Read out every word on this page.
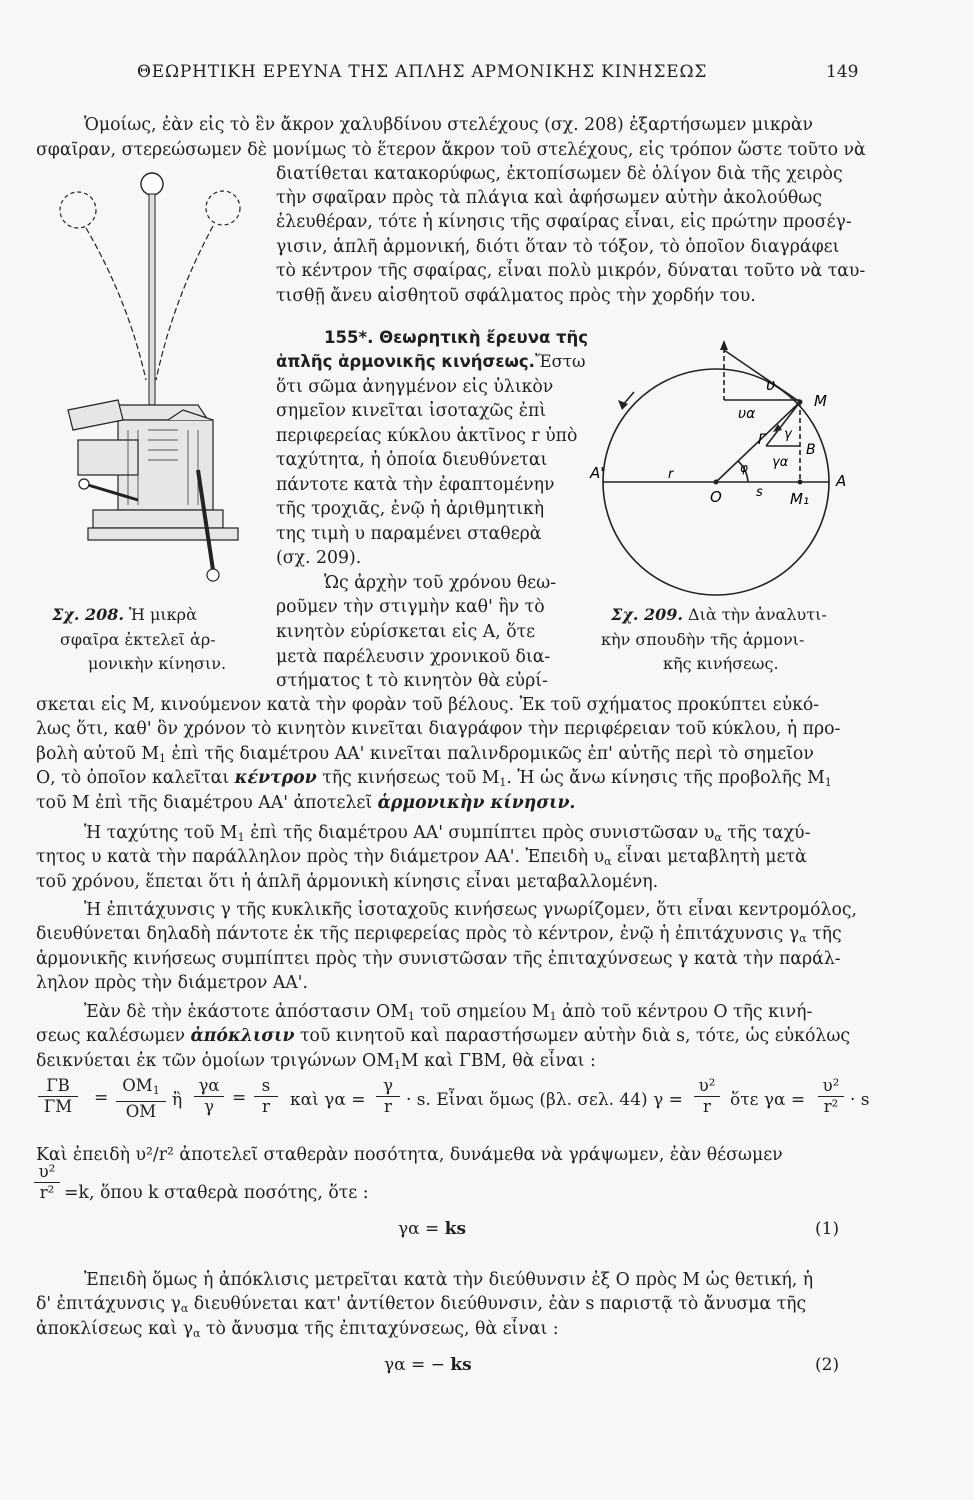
ΘΕΩΡΗΤΙΚΗ ΕΡΕΥΝΑ ΤΗΣ ΑΠΛΗΣ ΑΡΜΟΝΙΚΗΣ ΚΙΝΗΣΕΩΣ	149
Ὁμοίως, ἐὰν εἰς τὸ ἓν ἄκρον χαλυβδίνου στελέχους (σχ. 208) ἐξαρτήσωμεν μικρὰν
σφαῖραν, στερεώσωμεν δὲ μονίμως τὸ ἕτερον ἄκρον τοῦ στελέχους, εἰς τρόπον ὥστε τοῦτο νὰ
διατίθεται κατακορύφως, ἐκτοπίσωμεν δὲ ὀλίγον διὰ τῆς χειρὸς
τὴν σφαῖραν πρὸς τὰ πλάγια καὶ ἀφήσωμεν αὐτὴν ἀκολούθως
ἐλευθέραν, τότε ἡ κίνησις τῆς σφαίρας εἶναι, εἰς πρώτην προσέγ-
γισιν, ἁπλῆ ἁρμονική, διότι ὅταν τὸ τόξον, τὸ ὁποῖον διαγράφει
τὸ κέντρον τῆς σφαίρας, εἶναι πολὺ μικρόν, δύναται τοῦτο νὰ ταυ-
τισθῇ ἄνευ αἰσθητοῦ σφάλματος πρὸς τὴν χορδήν του.
Σχ. 208. Ἡ μικρὰ
σφαῖρα ἐκτελεῖ ἁρ-
μονικὴν κίνησιν.
155*. Θεωρητικὴ ἔρευνα τῆς
ἁπλῆς ἁρμονικῆς κινήσεως.Ἔστω
ὅτι σῶμα ἀνηγμένον εἰς ὑλικὸν
σημεῖον κινεῖται ἰσοταχῶς ἐπὶ
περιφερείας κύκλου ἀκτῖνος r ὑπὸ
ταχύτητα, ἡ ὁποία διευθύνεται
πάντοτε κατὰ τὴν ἐφαπτομένην
τῆς τροχιᾶς, ἐνῷ ἡ ἀριθμητικὴ
της τιμὴ υ παραμένει σταθερὰ
(σχ. 209).
Ὡς ἀρχὴν τοῦ χρόνου θεω-
ροῦμεν τὴν στιγμὴν καθ' ἣν τὸ
κινητὸν εὑρίσκεται εἰς Α, ὅτε
μετὰ παρέλευσιν χρονικοῦ δια-
στήματος t τὸ κινητὸν θὰ εὑρί-
υ
M
υα
B
Γ
γα
γ
φ
A'	r
O	s M₁
A
Σχ. 209. Διὰ τὴν ἀναλυτι-
κὴν σπουδὴν τῆς ἁρμονι-
κῆς κινήσεως.
σκεται εἰς Μ, κινούμενον κατὰ τὴν φορὰν τοῦ βέλους. Ἐκ τοῦ σχήματος προκύπτει εὐκό-
λως ὅτι, καθ' ὃν χρόνον τὸ κινητὸν κινεῖται διαγράφον τὴν περιφέρειαν τοῦ κύκλου, ἡ προ-
βολὴ αὐτοῦ $M_1$ ἐπὶ τῆς διαμέτρου ΑΑ' κινεῖται παλινδρομικῶς ἐπ' αὐτῆς περὶ τὸ σημεῖον
Ο, τὸ ὁποῖον καλεῖται κέντρον τῆς κινήσεως τοῦ $M_1$. Ἡ ὡς ἄνω κίνησις τῆς προβολῆς $M_1$
τοῦ Μ ἐπὶ τῆς διαμέτρου ΑΑ' ἀποτελεῖ ἁρμονικὴν κίνησιν.
Ἡ ταχύτης τοῦ $M_1$ ἐπὶ τῆς διαμέτρου ΑΑ' συμπίπτει πρὸς συνιστῶσαν $\upsilon_\alpha$ τῆς ταχύ-
τητος υ κατὰ τὴν παράλληλον πρὸς τὴν διάμετρον ΑΑ'. Ἐπειδὴ $\upsilon_\alpha$ εἶναι μεταβλητὴ μετὰ
τοῦ χρόνου, ἕπεται ὅτι ἡ ἁπλῆ ἁρμονικὴ κίνησις εἶναι μεταβαλλομένη.
Ἡ ἐπιτάχυνσις γ τῆς κυκλικῆς ἰσοταχοῦς κινήσεως γνωρίζομεν, ὅτι εἶναι κεντρομόλος,
διευθύνεται δηλαδὴ πάντοτε ἐκ τῆς περιφερείας πρὸς τὸ κέντρον, ἐνῷ ἡ ἐπιτάχυνσις $\gamma_\alpha$ τῆς
ἁρμονικῆς κινήσεως συμπίπτει πρὸς τὴν συνιστῶσαν τῆς ἐπιταχύνσεως γ κατὰ τὴν παράλ-
ληλον πρὸς τὴν διάμετρον ΑΑ'.
Ἐὰν δὲ τὴν ἑκάστοτε ἀπόστασιν $OM_1$ τοῦ σημείου $M_1$ ἀπὸ τοῦ κέντρου Ο τῆς κινή-
σεως καλέσωμεν ἀπόκλισιν τοῦ κινητοῦ καὶ παραστήσωμεν αὐτὴν διὰ s, τότε, ὡς εὐκόλως
δεικνύεται ἐκ τῶν ὁμοίων τριγώνων $OM_1M$ καὶ ΓΒΜ, θὰ εἶναι :
$\frac{\Gamma B}{\Gamma M} = \frac{OM_1}{OM}$ ἢ $\frac{\gamma\alpha}{\gamma} = \frac{s}{r}$ καὶ $\gamma\alpha = \frac{\gamma}{r} \cdot s$. Εἶναι ὅμως (βλ. σελ. 44) $\gamma = \frac{\text{υ²}}{r}$ ὅτε $\gamma\alpha = \frac{\text{υ²}}{\text{r²}} \cdot s$
Καὶ ἐπειδὴ υ²/r² ἀποτελεῖ σταθερὰν ποσότητα, δυνάμεθα νὰ γράψωμεν, ἐὰν θέσωμεν
$\frac{\text{υ²}}{\text{r²}} =k$, ὅπου k σταθερὰ ποσότης, ὅτε :
γα = ks	(1)
Ἐπειδὴ ὅμως ἡ ἀπόκλισις μετρεῖται κατὰ τὴν διεύθυνσιν ἐξ Ο πρὸς Μ ὡς θετική, ἡ
δ' ἐπιτάχυνσις $\gamma_\alpha$ διευθύνεται κατ' ἀντίθετον διεύθυνσιν, ἐὰν s παριστᾷ τὸ ἄνυσμα τῆς
ἀποκλίσεως καὶ $\gamma_\alpha$ τὸ ἄνυσμα τῆς ἐπιταχύνσεως, θὰ εἶναι :
γα = − ks	(2)
